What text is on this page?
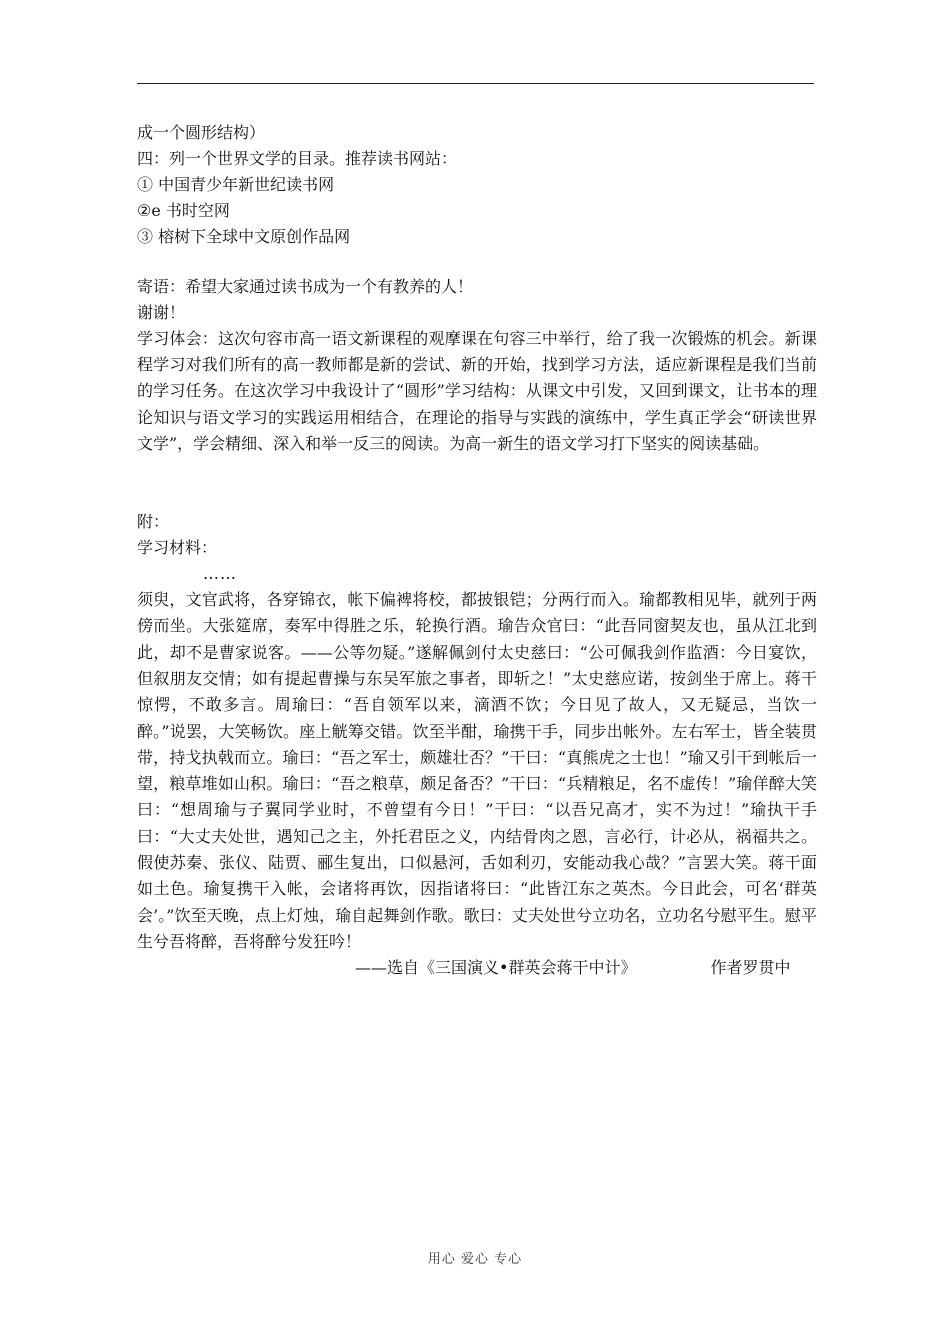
成一个圆形结构）
四：列一个世界文学的目录。推荐读书网站：
① 中国青少年新世纪读书网
②e 书时空网
③ 榕树下全球中文原创作品网
寄语：希望大家通过读书成为一个有教养的人！
谢谢！
学习体会：这次句容市高一语文新课程的观摩课在句容三中举行，给了我一次锻炼的机会。新课程学习对我们所有的高一教师都是新的尝试、新的开始，找到学习方法，适应新课程是我们当前的学习任务。在这次学习中我设计了“圆形”学习结构：从课文中引发，又回到课文，让书本的理论知识与语文学习的实践运用相结合，在理论的指导与实践的演练中，学生真正学会“研读世界文学”，学会精细、深入和举一反三的阅读。为高一新生的语文学习打下坚实的阅读基础。
附：
学习材料：
……
须臾，文官武将，各穿锦衣，帐下偏裨将校，都披银铠；分两行而入。瑜都教相见毕，就列于两傍而坐。大张筵席，奏军中得胜之乐，轮换行酒。瑜告众官曰：“此吾同窗契友也，虽从江北到此，却不是曹家说客。——公等勿疑。”遂解佩剑付太史慈曰：“公可佩我剑作监酒：今日宴饮，但叙朋友交情；如有提起曹操与东吴军旅之事者，即斩之！”太史慈应诺，按剑坐于席上。蒋干惊愕，不敢多言。周瑜曰：“吾自领军以来，滴酒不饮；今日见了故人，又无疑忌，当饮一醉。”说罢，大笑畅饮。座上觥筹交错。饮至半酣，瑜携干手，同步出帐外。左右军士，皆全装贯带，持戈执戟而立。瑜曰：“吾之军士，颇雄壮否？”干曰：“真熊虎之士也！”瑜又引干到帐后一望，粮草堆如山积。瑜曰：“吾之粮草，颇足备否？”干曰：“兵精粮足，名不虚传！”瑜佯醉大笑曰：“想周瑜与子翼同学业时，不曾望有今日！”干曰：“以吾兄高才，实不为过！”瑜执干手曰：“大丈夫处世，遇知己之主，外托君臣之义，内结骨肉之恩，言必行，计必从，祸福共之。假使苏秦、张仪、陆贾、郦生复出，口似悬河，舌如利刃，安能动我心哉？”言罢大笑。蒋干面如土色。瑜复携干入帐，会诸将再饮，因指诸将曰：“此皆江东之英杰。今日此会，可名‘群英会’。”饮至天晚，点上灯烛，瑜自起舞剑作歌。歌曰：丈夫处世兮立功名，立功名兮慰平生。慰平生兮吾将醉，吾将醉兮发狂吟！
——选自《三国演义•群英会蒋干中计》	作者罗贯中
用心 爱心 专心
